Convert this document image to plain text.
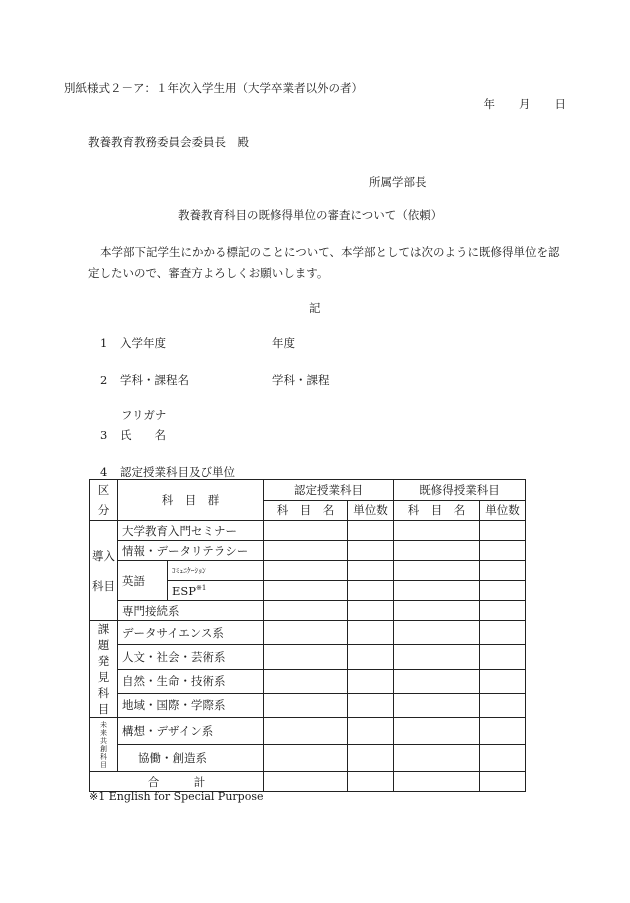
別紙様式２－ア：１年次入学生用（大学卒業者以外の者）
年 月 日
教養教育教務委員会委員長　殿
所属学部長
教養教育科目の既修得単位の審査について（依頼）
本学部下記学生にかかる標記のことについて、本学部としては次のように既修得単位を認定したいので、審査方よろしくお願いします。
記
1 入学年度	年度
2 学科・課程名	学科・課程
フリガナ
3 氏　　名
4 認定授業科目及び単位
区分	科　目　群		認定授業科目		既修得授業科目	
			科　目　名	単位数	科　目　名	単位数
導入科目	大学教育入門セミナー					
	情報・データリテラシー					
	英語	ｺﾐｭﾆｹｰｼｮﾝ				
		ESP$^{※1}$				
	専門接続系					
課題発見科目	データサイエンス系					
	人文・社会・芸術系					
	自然・生命・技術系					
	地域・国際・学際系					
未来共創科目	構想・デザイン系					
	協働・創造系					
合　　　計						
※1 English for Special Purpose
